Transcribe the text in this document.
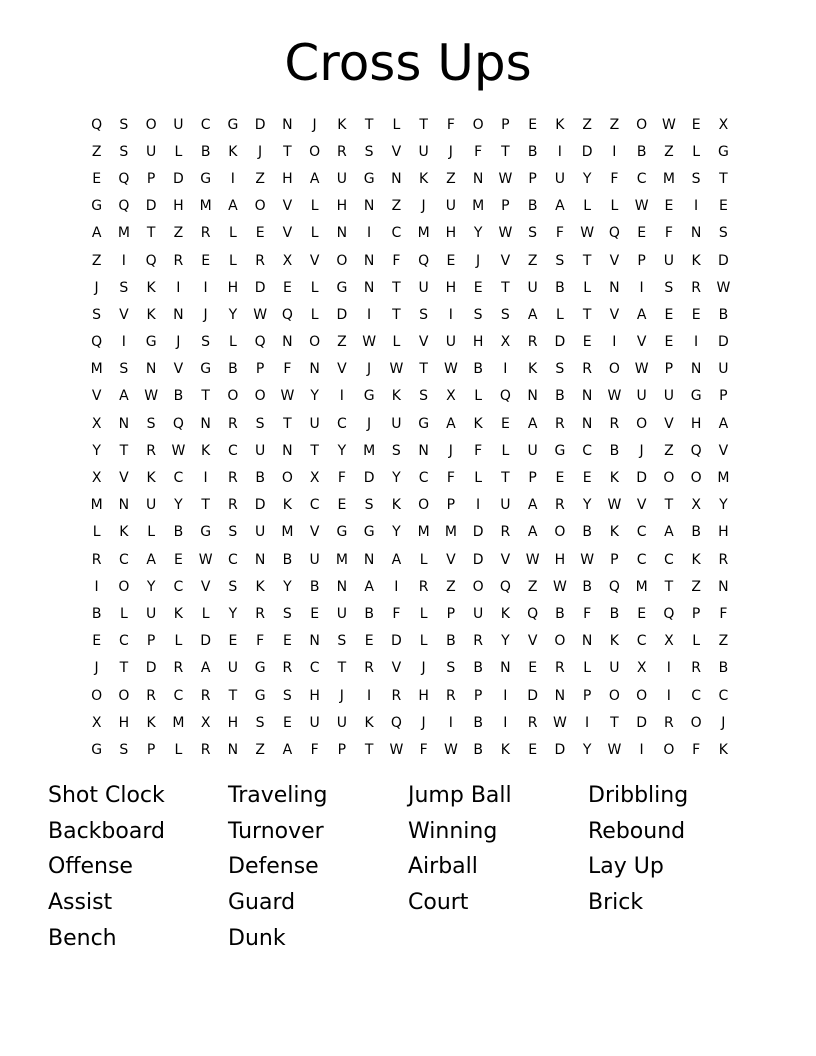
Cross Ups
Q	S	O	U	C	G	D	N	J	K	T	L	T	F	O	P	E	K	Z	Z	O	W	E	X
Z	S	U	L	B	K	J	T	O	R	S	V	U	J	F	T	B	I	D	I	B	Z	L	G
E	Q	P	D	G	I	Z	H	A	U	G	N	K	Z	N	W	P	U	Y	F	C	M	S	T
G	Q	D	H	M	A	O	V	L	H	N	Z	J	U	M	P	B	A	L	L	W	E	I	E
A	M	T	Z	R	L	E	V	L	N	I	C	M	H	Y	W	S	F	W	Q	E	F	N	S
Z	I	Q	R	E	L	R	X	V	O	N	F	Q	E	J	V	Z	S	T	V	P	U	K	D
J	S	K	I	I	H	D	E	L	G	N	T	U	H	E	T	U	B	L	N	I	S	R	W
S	V	K	N	J	Y	W	Q	L	D	I	T	S	I	S	S	A	L	T	V	A	E	E	B
Q	I	G	J	S	L	Q	N	O	Z	W	L	V	U	H	X	R	D	E	I	V	E	I	D
M	S	N	V	G	B	P	F	N	V	J	W	T	W	B	I	K	S	R	O	W	P	N	U
V	A	W	B	T	O	O	W	Y	I	G	K	S	X	L	Q	N	B	N	W	U	U	G	P
X	N	S	Q	N	R	S	T	U	C	J	U	G	A	K	E	A	R	N	R	O	V	H	A
Y	T	R	W	K	C	U	N	T	Y	M	S	N	J	F	L	U	G	C	B	J	Z	Q	V
X	V	K	C	I	R	B	O	X	F	D	Y	C	F	L	T	P	E	E	K	D	O	O	M
M	N	U	Y	T	R	D	K	C	E	S	K	O	P	I	U	A	R	Y	W	V	T	X	Y
L	K	L	B	G	S	U	M	V	G	G	Y	M	M	D	R	A	O	B	K	C	A	B	H
R	C	A	E	W	C	N	B	U	M	N	A	L	V	D	V	W	H	W	P	C	C	K	R
I	O	Y	C	V	S	K	Y	B	N	A	I	R	Z	O	Q	Z	W	B	Q	M	T	Z	N
B	L	U	K	L	Y	R	S	E	U	B	F	L	P	U	K	Q	B	F	B	E	Q	P	F
E	C	P	L	D	E	F	E	N	S	E	D	L	B	R	Y	V	O	N	K	C	X	L	Z
J	T	D	R	A	U	G	R	C	T	R	V	J	S	B	N	E	R	L	U	X	I	R	B
O	O	R	C	R	T	G	S	H	J	I	R	H	R	P	I	D	N	P	O	O	I	C	C
X	H	K	M	X	H	S	E	U	U	K	Q	J	I	B	I	R	W	I	T	D	R	O	J
G	S	P	L	R	N	Z	A	F	P	T	W	F	W	B	K	E	D	Y	W	I	O	F	K
Shot Clock	Traveling	Jump Ball	Dribbling
Backboard	Turnover	Winning	Rebound
Offense	Defense	Airball	Lay Up
Assist	Guard	Court	Brick
Bench	Dunk
